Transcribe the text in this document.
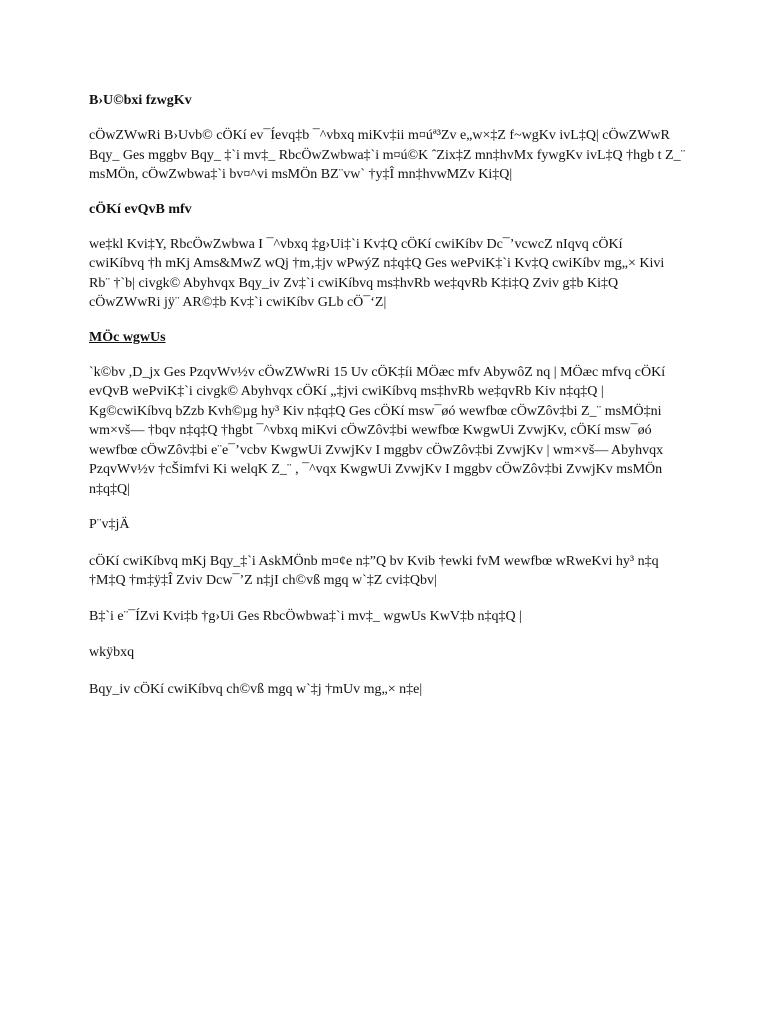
B›U©bxi fzwgKv
cÖwZWwRi B›Uvb© cÖKí ev¯Íevq‡b ¯^vbxq miKv‡ii m¤úª³Zv e„w×‡Z f~wgKv ivL‡Q| cÖwZWwR
Bqy_ Ges mggbv Bqy_ ‡`i mv‡_ RbcÖwZwbwa‡`i m¤ú©K ˆZix‡Z mn‡hvMx fywgKv ivL‡Q †hgb t Z_¨
msMÖn, cÖwZwbwa‡`i bv¤^vi msMÖn BZ¨vw` †y‡Î mn‡hvwMZv Ki‡Q|
cÖKí evQvB mfv
we‡kl Kvi‡Y, RbcÖwZwbwa I ¯^vbxq ‡g›Ui‡`i Kv‡Q cÖKí cwiKíbv Dc¯’vcwcZ nIqvq cÖKí
cwiKíbvq †h mKj Ams&MwZ wQj †m‚‡jv wPwýZ n‡q‡Q Ges wePviK‡`i Kv‡Q cwiKíbv mg„× Kivi
Rb¨ †`b| civgk© Abyhvqx Bqy_iv Zv‡`i cwiKíbvq ms‡hvRb we‡qvRb K‡i‡Q Zviv g‡b Ki‡Q
cÖwZWwRi jÿ¨ AR©‡b Kv‡`i cwiKíbv GLb cÖ¯‘Z|
MÖc wgwUs
`k©bv ,D_jx Ges PzqvWv½v cÖwZWwRi 15 Uv cÖK‡íi MÖæc mfv AbywôZ nq | MÖæc mfvq cÖKí
evQvB wePviK‡`i civgk© Abyhvqx cÖKí „‡jvi cwiKíbvq ms‡hvRb we‡qvRb Kiv n‡q‡Q |
Kg©cwiKíbvq bZzb Kvh©µg hy³ Kiv n‡q‡Q Ges cÖKí msw¯øó wewfbœ cÖwZôv‡bi Z_¨ msMÖ‡ni
wm×vš— †bqv n‡q‡Q †hgbt ¯^vbxq miKvi cÖwZôv‡bi wewfbœ KwgwUi ZvwjKv, cÖKí msw¯øó
wewfbœ cÖwZôv‡bi e¨e¯’vcbv KwgwUi ZvwjKv I mggbv cÖwZôv‡bi ZvwjKv | wm×vš— Abyhvqx
PzqvWv½v †cŠimfvi Ki welqK Z_¨ , ¯^vqx KwgwUi ZvwjKv I mggbv cÖwZôv‡bi ZvwjKv msMÖn
n‡q‡Q|
P¨v‡jÄ
cÖKí cwiKíbvq mKj Bqy_‡`i AskMÖnb m¤¢e n‡”Q bv Kvib †ewki fvM wewfbœ wRweKvi hy³ n‡q
†M‡Q †m‡ÿ‡Î Zviv Dcw¯’Z n‡jI ch©vß mgq w`‡Z cvi‡Qbv|
B‡`i e¨¯ÍZvi Kvi‡b †g›Ui Ges RbcÖwbwa‡`i mv‡_ wgwUs KwV‡b n‡q‡Q |
wkÿbxq
Bqy_iv cÖKí cwiKíbvq ch©vß mgq w`‡j †mUv mg„× n‡e|
